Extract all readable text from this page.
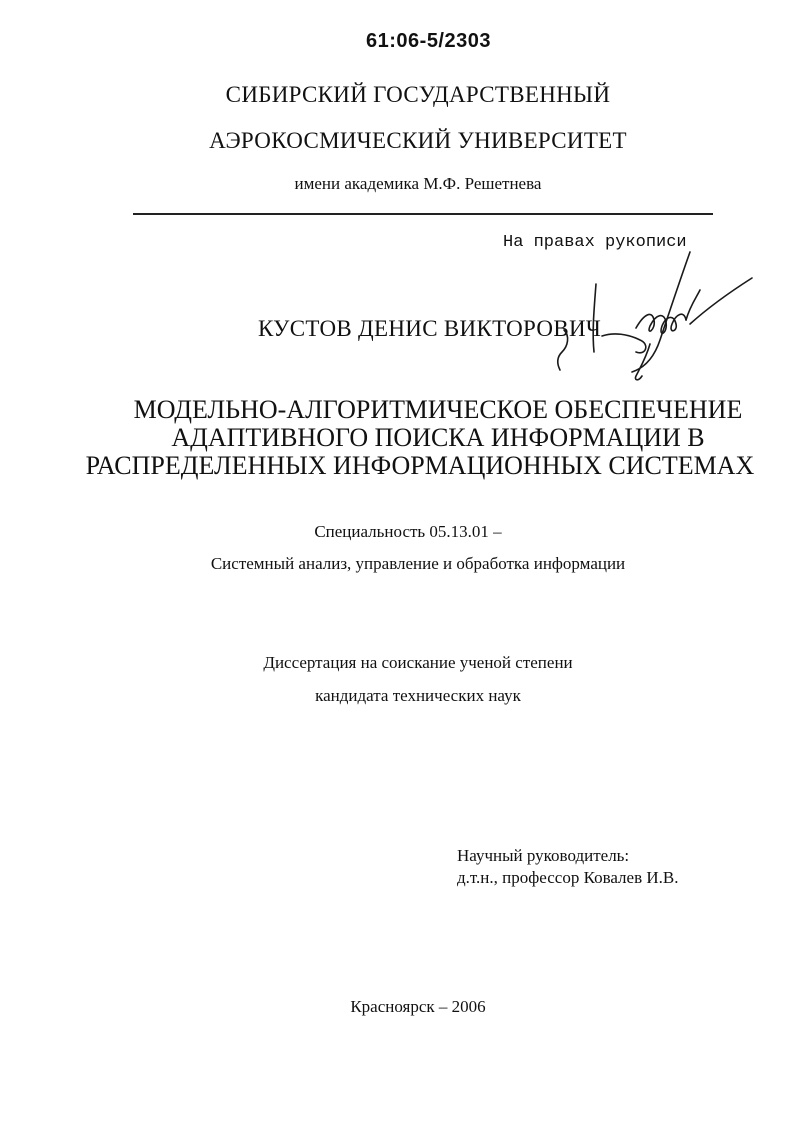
61:06-5/2303
СИБИРСКИЙ ГОСУДАРСТВЕННЫЙ
АЭРОКОСМИЧЕСКИЙ УНИВЕРСИТЕТ
имени академика М.Ф. Решетнева
На правах рукописи
КУСТОВ ДЕНИС ВИКТОРОВИЧ
МОДЕЛЬНО-АЛГОРИТМИЧЕСКОЕ ОБЕСПЕЧЕНИЕ
АДАПТИВНОГО ПОИСКА ИНФОРМАЦИИ В
РАСПРЕДЕЛЕННЫХ ИНФОРМАЦИОННЫХ СИСТЕМАХ
Специальность 05.13.01 –
Системный анализ, управление и обработка информации
Диссертация на соискание ученой степени
кандидата технических наук
Научный руководитель:
д.т.н., профессор Ковалев И.В.
Красноярск – 2006
